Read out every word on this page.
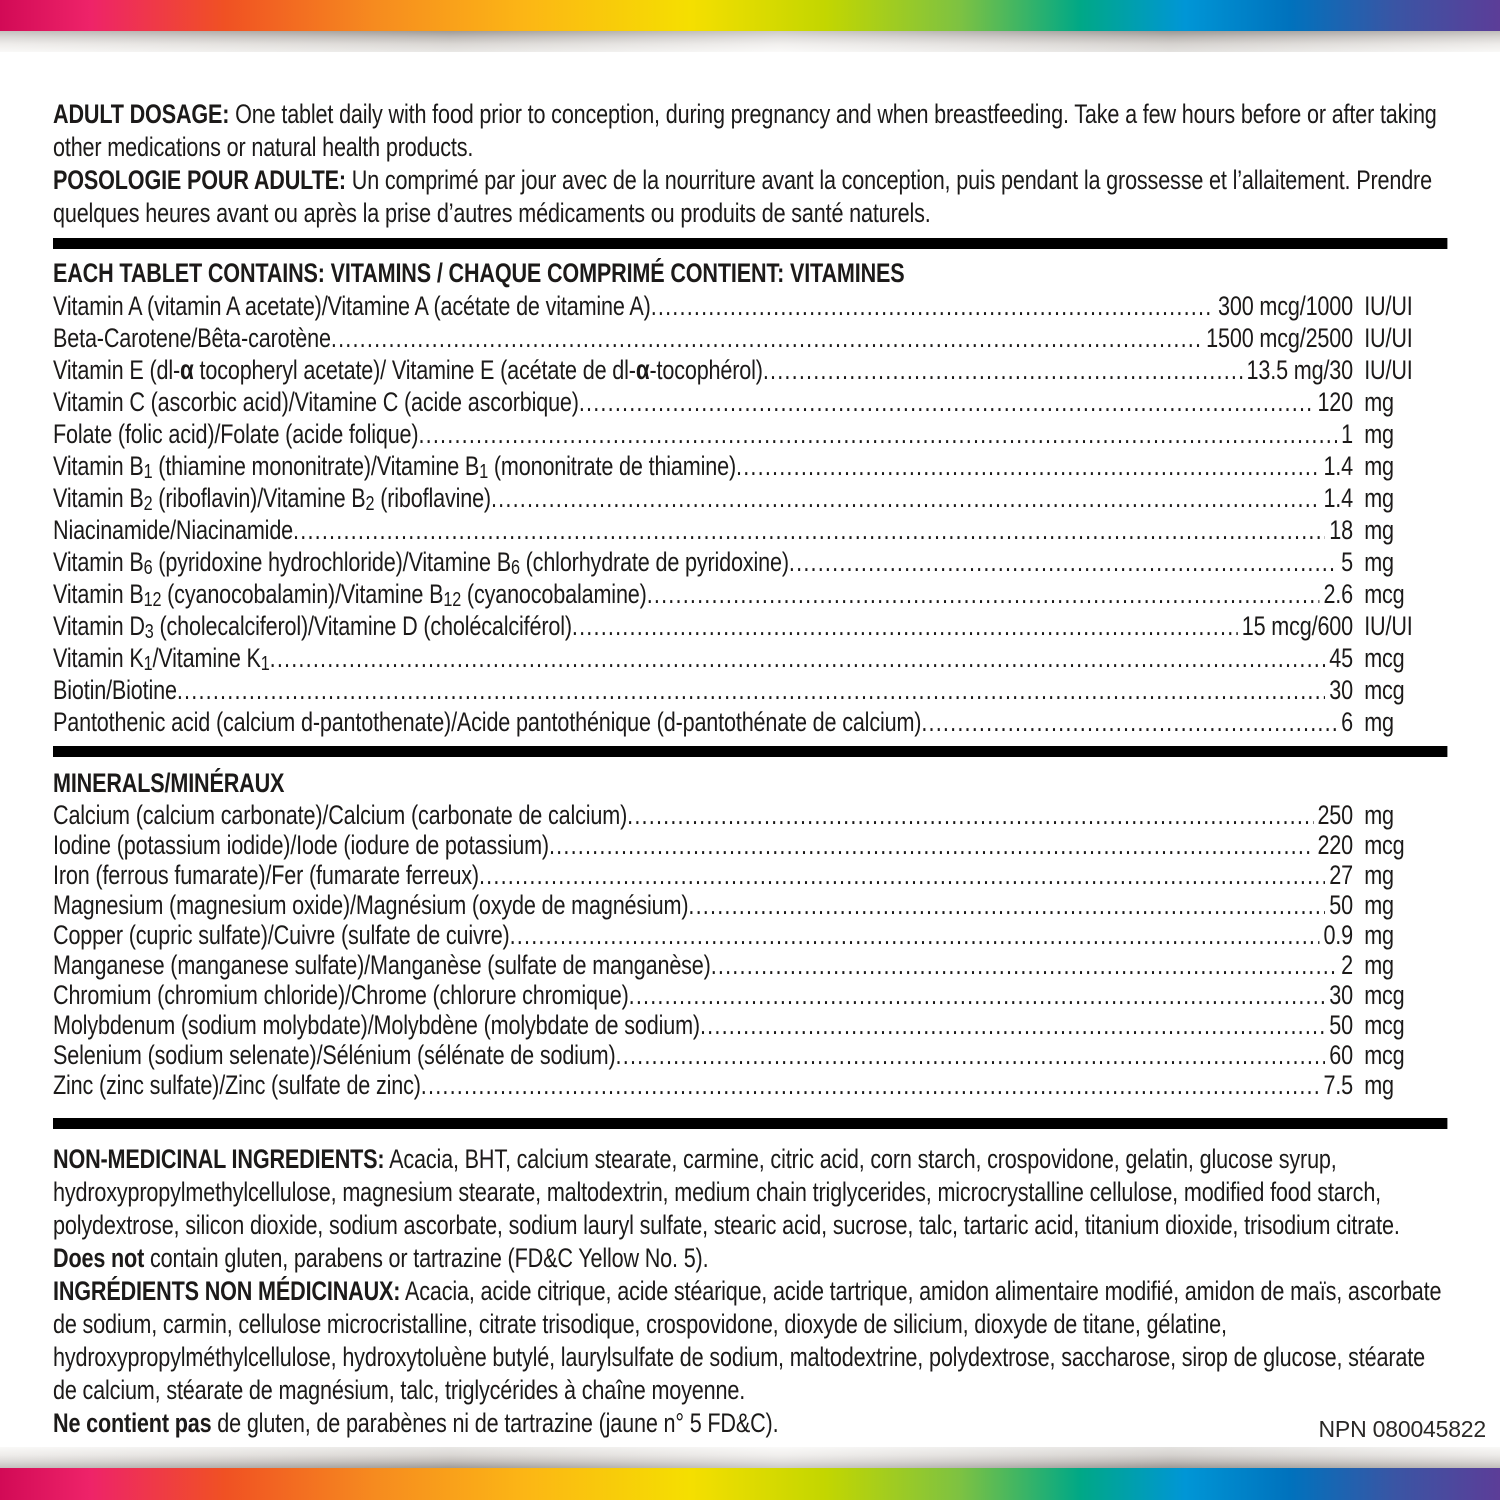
ADULT DOSAGE: One tablet daily with food prior to conception, during pregnancy and when breastfeeding. Take a few hours before or after taking other medications or natural health products.

POSOLOGIE POUR ADULTE: Un comprimé par jour avec de la nourriture avant la conception, puis pendant la grossesse et l’allaitement. Prendre quelques heures avant ou après la prise d’autres médicaments ou produits de santé naturels.

EACH TABLET CONTAINS: VITAMINS / CHAQUE COMPRIMÉ CONTIENT: VITAMINES
Vitamin A (vitamin A acetate)/Vitamine A (acétate de vitamine A) .....	300 mcg/1000 IU/UI
Beta-Carotene/Bêta-carotène .....	1500 mcg/2500 IU/UI
Vitamin E (dl-α tocopheryl acetate)/ Vitamine E (acétate de dl-α-tocophérol) .....	13.5 mg/30 IU/UI
Vitamin C (ascorbic acid)/Vitamine C (acide ascorbique) .....	120 mg
Folate (folic acid)/Folate (acide folique) .....	1 mg
Vitamin $B_1$ (thiamine mononitrate)/Vitamine $B_1$ (mononitrate de thiamine) .....	1.4 mg
Vitamin $B_2$ (riboflavin)/Vitamine $B_2$ (riboflavine) .....	1.4 mg
Niacinamide/Niacinamide .....	18 mg
Vitamin $B_6$ (pyridoxine hydrochloride)/Vitamine $B_6$ (chlorhydrate de pyridoxine) .....	5 mg
Vitamin $B_{12}$ (cyanocobalamin)/Vitamine $B_{12}$ (cyanocobalamine) .....	2.6 mcg
Vitamin $D_3$ (cholecalciferol)/Vitamine D (cholécalciférol) .....	15 mcg/600 IU/UI
Vitamin $K_1$/Vitamine $K_1$ .....	45 mcg
Biotin/Biotine .....	30 mcg
Pantothenic acid (calcium d-pantothenate)/Acide pantothénique (d-pantothénate de calcium) .....	6 mg
MINERALS/MINÉRAUX
Calcium (calcium carbonate)/Calcium (carbonate de calcium) .....	250 mg
Iodine (potassium iodide)/Iode (iodure de potassium) .....	220 mcg
Iron (ferrous fumarate)/Fer (fumarate ferreux) .....	27 mg
Magnesium (magnesium oxide)/Magnésium (oxyde de magnésium) .....	50 mg
Copper (cupric sulfate)/Cuivre (sulfate de cuivre) .....	0.9 mg
Manganese (manganese sulfate)/Manganèse (sulfate de manganèse) .....	2 mg
Chromium (chromium chloride)/Chrome (chlorure chromique) .....	30 mcg
Molybdenum (sodium molybdate)/Molybdène (molybdate de sodium) .....	50 mcg
Selenium (sodium selenate)/Sélénium (sélénate de sodium) .....	60 mcg
Zinc (zinc sulfate)/Zinc (sulfate de zinc) .....	7.5 mg

NON-MEDICINAL INGREDIENTS: Acacia, BHT, calcium stearate, carmine, citric acid, corn starch, crospovidone, gelatin, glucose syrup, hydroxypropylmethylcellulose, magnesium stearate, maltodextrin, medium chain triglycerides, microcrystalline cellulose, modified food starch, polydextrose, silicon dioxide, sodium ascorbate, sodium lauryl sulfate, stearic acid, sucrose, talc, tartaric acid, titanium dioxide, trisodium citrate.

Does not contain gluten, parabens or tartrazine (FD&C Yellow No. 5).

INGRÉDIENTS NON MÉDICINAUX: Acacia, acide citrique, acide stéarique, acide tartrique, amidon alimentaire modifié, amidon de maïs, ascorbate de sodium, carmin, cellulose microcristalline, citrate trisodique, crospovidone, dioxyde de silicium, dioxyde de titane, gélatine, hydroxypropylméthylcellulose, hydroxytoluène butylé, laurylsulfate de sodium, maltodextrine, polydextrose, saccharose, sirop de glucose, stéarate de calcium, stéarate de magnésium, talc, triglycérides à chaîne moyenne.

Ne contient pas de gluten, de parabènes ni de tartrazine (jaune n° 5 FD&C).	NPN 080045822
